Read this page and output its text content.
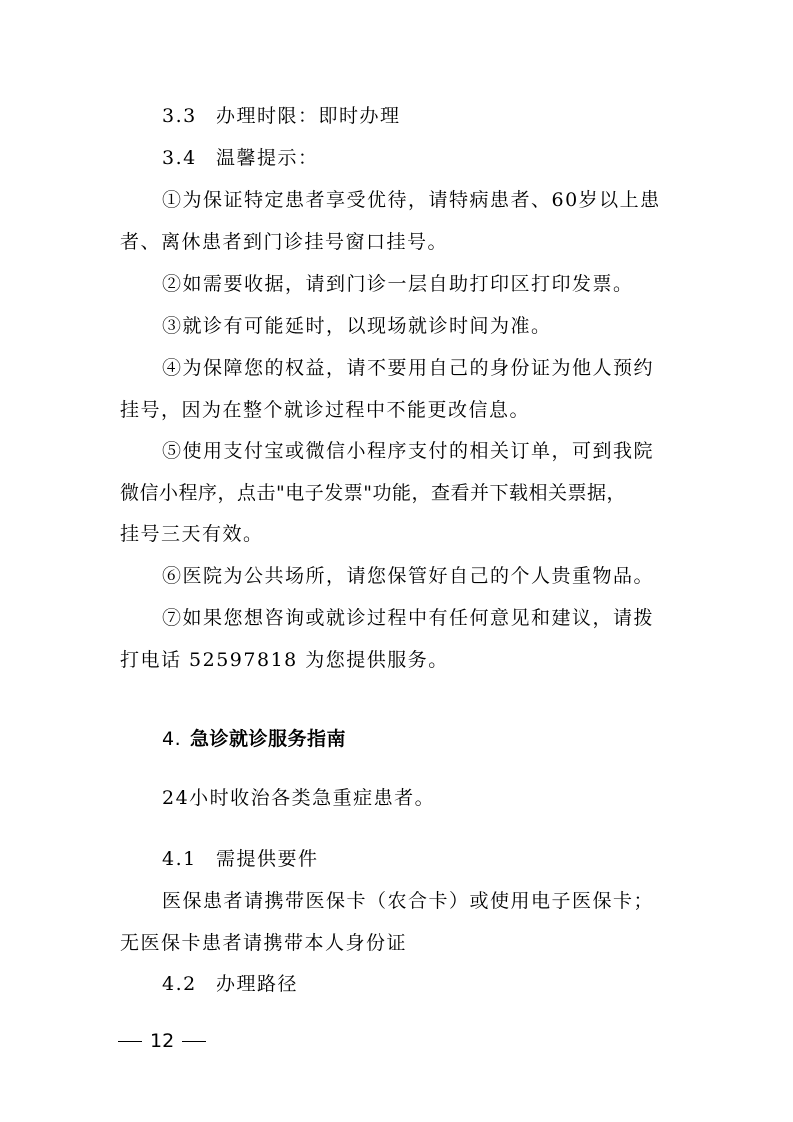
3.3 办理时限：即时办理
3.4 温馨提示：
①为保证特定患者享受优待，请特病患者、60岁以上患
者、离休患者到门诊挂号窗口挂号。
②如需要收据，请到门诊一层自助打印区打印发票。
③就诊有可能延时，以现场就诊时间为准。
④为保障您的权益，请不要用自己的身份证为他人预约
挂号，因为在整个就诊过程中不能更改信息。
⑤使用支付宝或微信小程序支付的相关订单，可到我院
微信小程序，点击"电子发票"功能，查看并下载相关票据，
挂号三天有效。
⑥医院为公共场所，请您保管好自己的个人贵重物品。
⑦如果您想咨询或就诊过程中有任何意见和建议，请拨
打电话 52597818 为您提供服务。
4. 急诊就诊服务指南
24小时收治各类急重症患者。
4.1 需提供要件
医保患者请携带医保卡（农合卡）或使用电子医保卡；
无医保卡患者请携带本人身份证
4.2 办理路径
12
